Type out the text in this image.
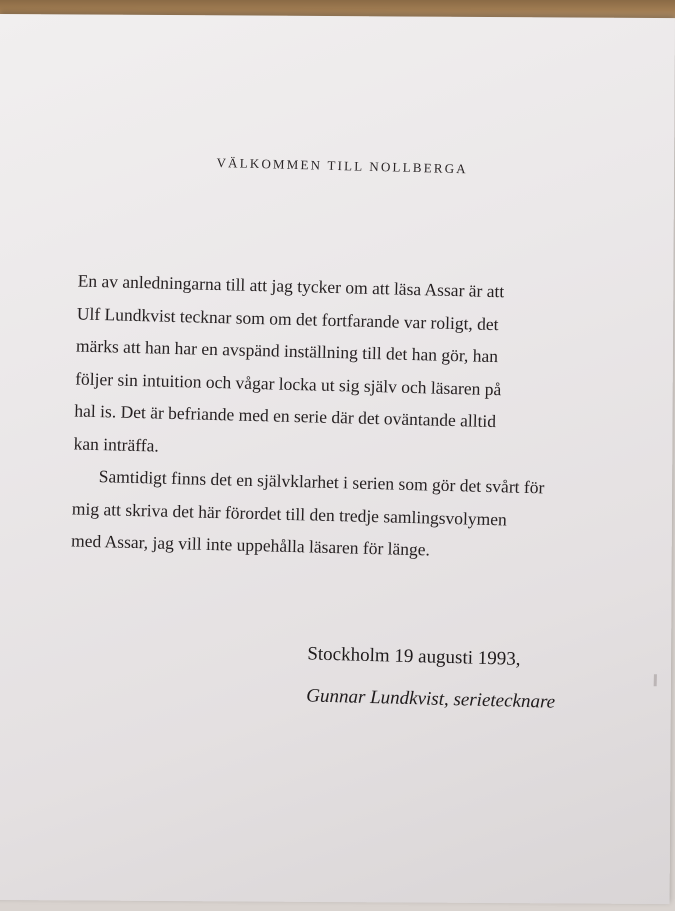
VÄLKOMMEN TILL NOLLBERGA

En av anledningarna till att jag tycker om att läsa Assar är att
Ulf Lundkvist tecknar som om det fortfarande var roligt, det
märks att han har en avspänd inställning till det han gör, han
följer sin intuition och vågar locka ut sig själv och läsaren på
hal is. Det är befriande med en serie där det oväntande alltid
kan inträffa.

Samtidigt finns det en självklarhet i serien som gör det svårt för
mig att skriva det här förordet till den tredje samlingsvolymen
med Assar, jag vill inte uppehålla läsaren för länge.

Stockholm 19 augusti 1993,
Gunnar Lundkvist, serietecknare
